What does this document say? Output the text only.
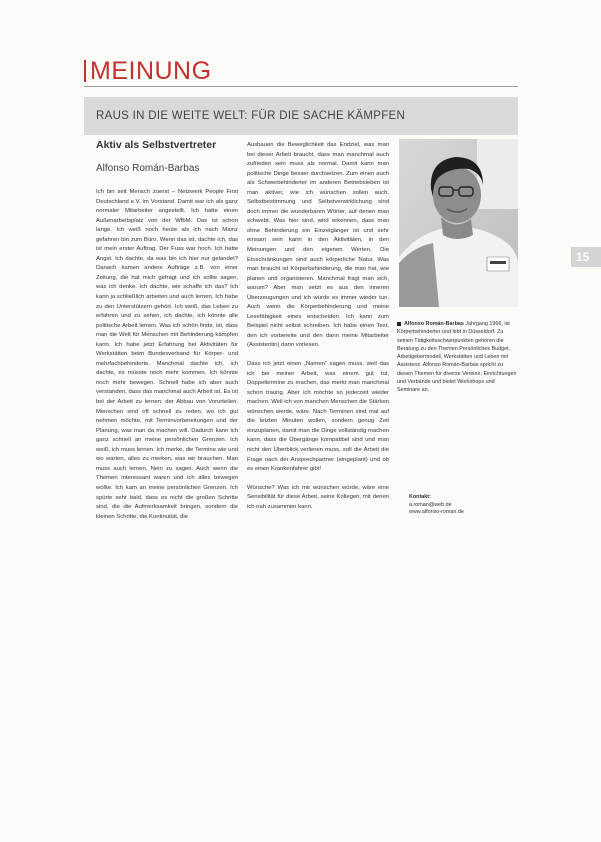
MEINUNG
RAUS IN DIE WEITE WELT: FÜR DIE SACHE KÄMPFEN
15

Aktiv als Selbstvertreter

Alfonso Román-Barbas

Ich bin seit Mensch zuerst – Netzwerk People First Deutschland e.V. im Vorstand. Damit war ich als ganz normaler Mitarbeiter angestellt. Ich hatte einen Außenarbeitsplatz von der WfbM. Das ist schon lange. Ich weiß noch heute als ich nach Mainz gefahren bin zum Büro. Wenn das ist, dachte ich, das ist mein erster Auftrag. Der Fuss war hoch. Ich hatte Angst. Ich dachte, da was bin ich hier nur gelandet? Danach kamen andere Aufträge z.B. von einer Zeitung, die hat mich gefragt und ich sollte sagen, was ich denke. Ich dachte, wie schaffe ich das? Ich kann ja schließlich arbeiten und auch lernen. Ich habe zu den Unterstützern gehört. Ich weiß, das Leben zu erfahren und zu sehen, ich dachte, ich könnte alle politische Arbeit lernen. Was ich schön finde, ist, dass man die Welt für Menschen mit Behinderung kämpfen kann. Ich habe jetzt Erfahrung bei Aktivitäten für Werkstätten beim Bundesverband für Körper- und mehrfachbehinderte. Manchmal dachte ich, ich dachte, es müsste noch mehr kommen. Ich könnte noch mehr bewegen. Schnell habe ich aber auch verstanden, dass das manchmal auch Arbeit ist. Es ist bei der Arbeit zu lernen: der Abbau von Vorurteilen. Menschen sind oft schnell zu reden, wo ich gut nehmen möchte, mit Terminvorbereitungen und der Planung, was man da machen will. Dadurch kann ich ganz schnell an meine persönlichen Grenzen. Ich weiß, ich muss lernen. Ich merke, die Termine wie und wo warten, alles zu merken, was wir brauchen. Man muss auch lernen, Nein zu sagen. Auch wenn die Themen interessant waren und ich alles bewegen wollte. Ich kam an meine persönlichen Grenzen. Ich spürte sehr bald, dass es nicht die großen Schritte sind, die die Aufmerksamkeit bringen, sondern die kleinen Schritte, die Kontinuität, die

Ausbauen die Beweglichkeit das Endziel, was man bei dieser Arbeit braucht, dass man manchmal auch zufrieden sein muss als normal. Damit kann man politische Dinge besser durchsetzen. Zum einen auch als Schwerbehinderter im anderen Betriebsleben ist man aktiver, wie ich wünschen sollen auch. Selbstbestimmung und Selbstverwirklichung sind doch immer die wunderbaren Wörter, auf denen man schwebt. Was hier sind, wird erkennen, dass man ohne Behinderung ein Einzelgänger ist und sehr einsam sein kann in den Aktivitäten, in den Meinungen und den eigenen Werten. Die Einschränkungen sind auch körperliche Natur. Was man braucht ist Körperbehinderung, die man hat, wie planen und organisieren. Manchmal fragt man sich, warum? Aber man setzt es aus den inneren Überzeugungen und ich würde es immer wieder tun. Auch wenn die Körperbehinderung und meine Lesefähigkeit eines entscheiden. Ich kann zum Beispiel nicht selbst schreiben. Ich habe einen Text, den ich vorbereite und den dann meine Mitarbeiter (Assistentin) dann vorlesen.

Dass ich jetzt einen „Namen“ sagen muss, weil das ich bei meiner Arbeit, was einem gut tut, Doppeltermine zu machen, das merkt man manchmal schon traurig. Aber ich möchte so jederzeit wieder machen. Weil ich von manchen Menschen die Stärken wünschen werde, wäre. Nach Terminen sind mal auf die letzten Minuten wollen, sondern genug Zeit einzuplanen, damit man die Dinge vollständig machen kann, dass die Übergänge kompatibel sind und man nicht den Überblick verlieren muss, soll die Arbeit die Frage nach der Ansprechpartner (eingeplant) und ob es einen Krankenfahrer gibt!

Wünsche? Was ich mir wünschen würde, wäre eine Sensibilität für diese Arbeit, seine Kollegen, mit denen ich nah zusammen kann.

Alfonso Román-Barbas Jahrgang 1966, ist Körperbehinderter und lebt in Düsseldorf. Zu seinen Tätigkeitsschwerpunkten gehören die Beratung zu den Themen Persönliches Budget, Arbeitgebermodell, Werkstätten und Leben mit Assistenz. Alfonso Román-Barbas spricht zu diesen Themen für diverse Vereine, Einrichtungen und Verbände und bietet Workshops und Seminare an.
Kontakt:
a.roman@web.de
www.alfonso-roman.de
